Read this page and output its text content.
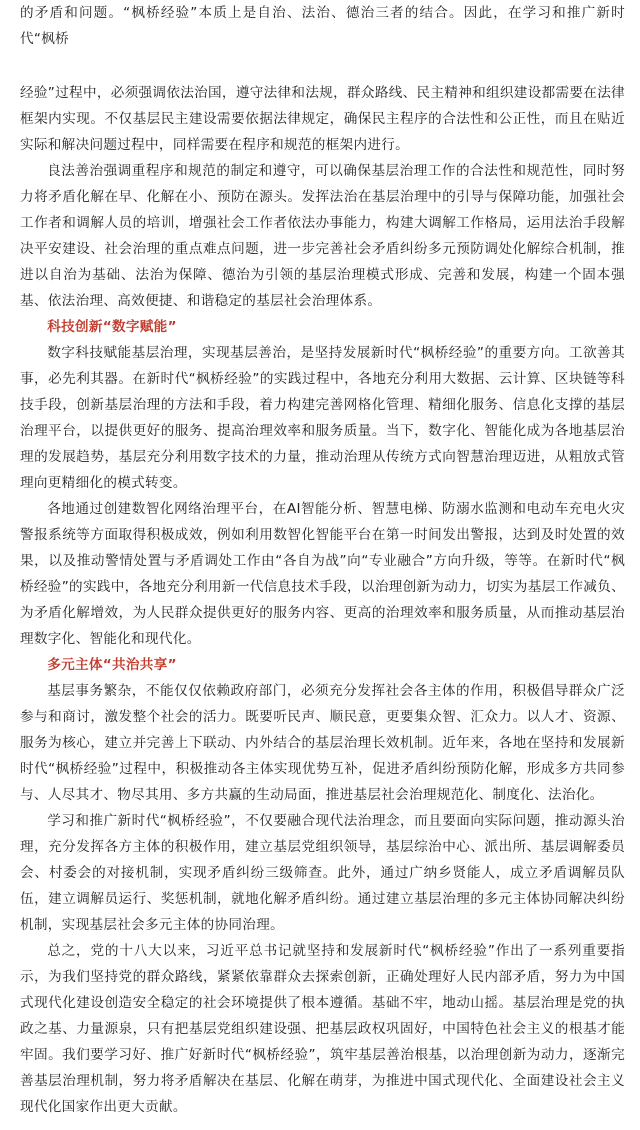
的矛盾和问题。“枫桥经验”本质上是自治、法治、德治三者的结合。因此，在学习和推广新时代“枫桥

经验”过程中，必须强调依法治国，遵守法律和法规，群众路线、民主精神和组织建设都需要在法律框架内实现。不仅基层民主建设需要依据法律规定，确保民主程序的合法性和公正性，而且在贴近实际和解决问题过程中，同样需要在程序和规范的框架内进行。

良法善治强调重程序和规范的制定和遵守，可以确保基层治理工作的合法性和规范性，同时努力将矛盾化解在早、化解在小、预防在源头。发挥法治在基层治理中的引导与保障功能，加强社会工作者和调解人员的培训，增强社会工作者依法办事能力，构建大调解工作格局，运用法治手段解决平安建设、社会治理的重点难点问题，进一步完善社会矛盾纠纷多元预防调处化解综合机制，推进以自治为基础、法治为保障、德治为引领的基层治理模式形成、完善和发展，构建一个固本强基、依法治理、高效便捷、和谐稳定的基层社会治理体系。

科技创新“数字赋能”

数字科技赋能基层治理，实现基层善治，是坚持发展新时代“枫桥经验”的重要方向。工欲善其事，必先利其器。在新时代“枫桥经验”的实践过程中，各地充分利用大数据、云计算、区块链等科技手段，创新基层治理的方法和手段，着力构建完善网格化管理、精细化服务、信息化支撑的基层治理平台，以提供更好的服务、提高治理效率和服务质量。当下，数字化、智能化成为各地基层治理的发展趋势，基层充分利用数字技术的力量，推动治理从传统方式向智慧治理迈进，从粗放式管理向更精细化的模式转变。

各地通过创建数智化网络治理平台，在AI智能分析、智慧电梯、防溺水监测和电动车充电火灾警报系统等方面取得积极成效，例如利用数智化智能平台在第一时间发出警报，达到及时处置的效果，以及推动警情处置与矛盾调处工作由“各自为战”向“专业融合”方向升级，等等。在新时代“枫桥经验”的实践中，各地充分利用新一代信息技术手段，以治理创新为动力，切实为基层工作减负、为矛盾化解增效，为人民群众提供更好的服务内容、更高的治理效率和服务质量，从而推动基层治理数字化、智能化和现代化。

多元主体“共治共享”

基层事务繁杂，不能仅仅依赖政府部门，必须充分发挥社会各主体的作用，积极倡导群众广泛参与和商讨，激发整个社会的活力。既要听民声、顺民意，更要集众智、汇众力。以人才、资源、服务为核心，建立并完善上下联动、内外结合的基层治理长效机制。近年来，各地在坚持和发展新时代“枫桥经验”过程中，积极推动各主体实现优势互补，促进矛盾纠纷预防化解，形成多方共同参与、人尽其才、物尽其用、多方共赢的生动局面，推进基层社会治理规范化、制度化、法治化。

学习和推广新时代“枫桥经验”，不仅要融合现代法治理念，而且要面向实际问题，推动源头治理，充分发挥各方主体的积极作用，建立基层党组织领导，基层综治中心、派出所、基层调解委员会、村委会的对接机制，实现矛盾纠纷三级筛查。此外，通过广纳乡贤能人，成立矛盾调解员队伍，建立调解员运行、奖惩机制，就地化解矛盾纠纷。通过建立基层治理的多元主体协同解决纠纷机制，实现基层社会多元主体的协同治理。

总之，党的十八大以来，习近平总书记就坚持和发展新时代“枫桥经验”作出了一系列重要指示，为我们坚持党的群众路线，紧紧依靠群众去探索创新，正确处理好人民内部矛盾，努力为中国式现代化建设创造安全稳定的社会环境提供了根本遵循。基础不牢，地动山摇。基层治理是党的执政之基、力量源泉，只有把基层党组织建设强、把基层政权巩固好，中国特色社会主义的根基才能牢固。我们要学习好、推广好新时代“枫桥经验”，筑牢基层善治根基，以治理创新为动力，逐渐完善基层治理机制，努力将矛盾解决在基层、化解在萌芽，为推进中国式现代化、全面建设社会主义现代化国家作出更大贡献。
